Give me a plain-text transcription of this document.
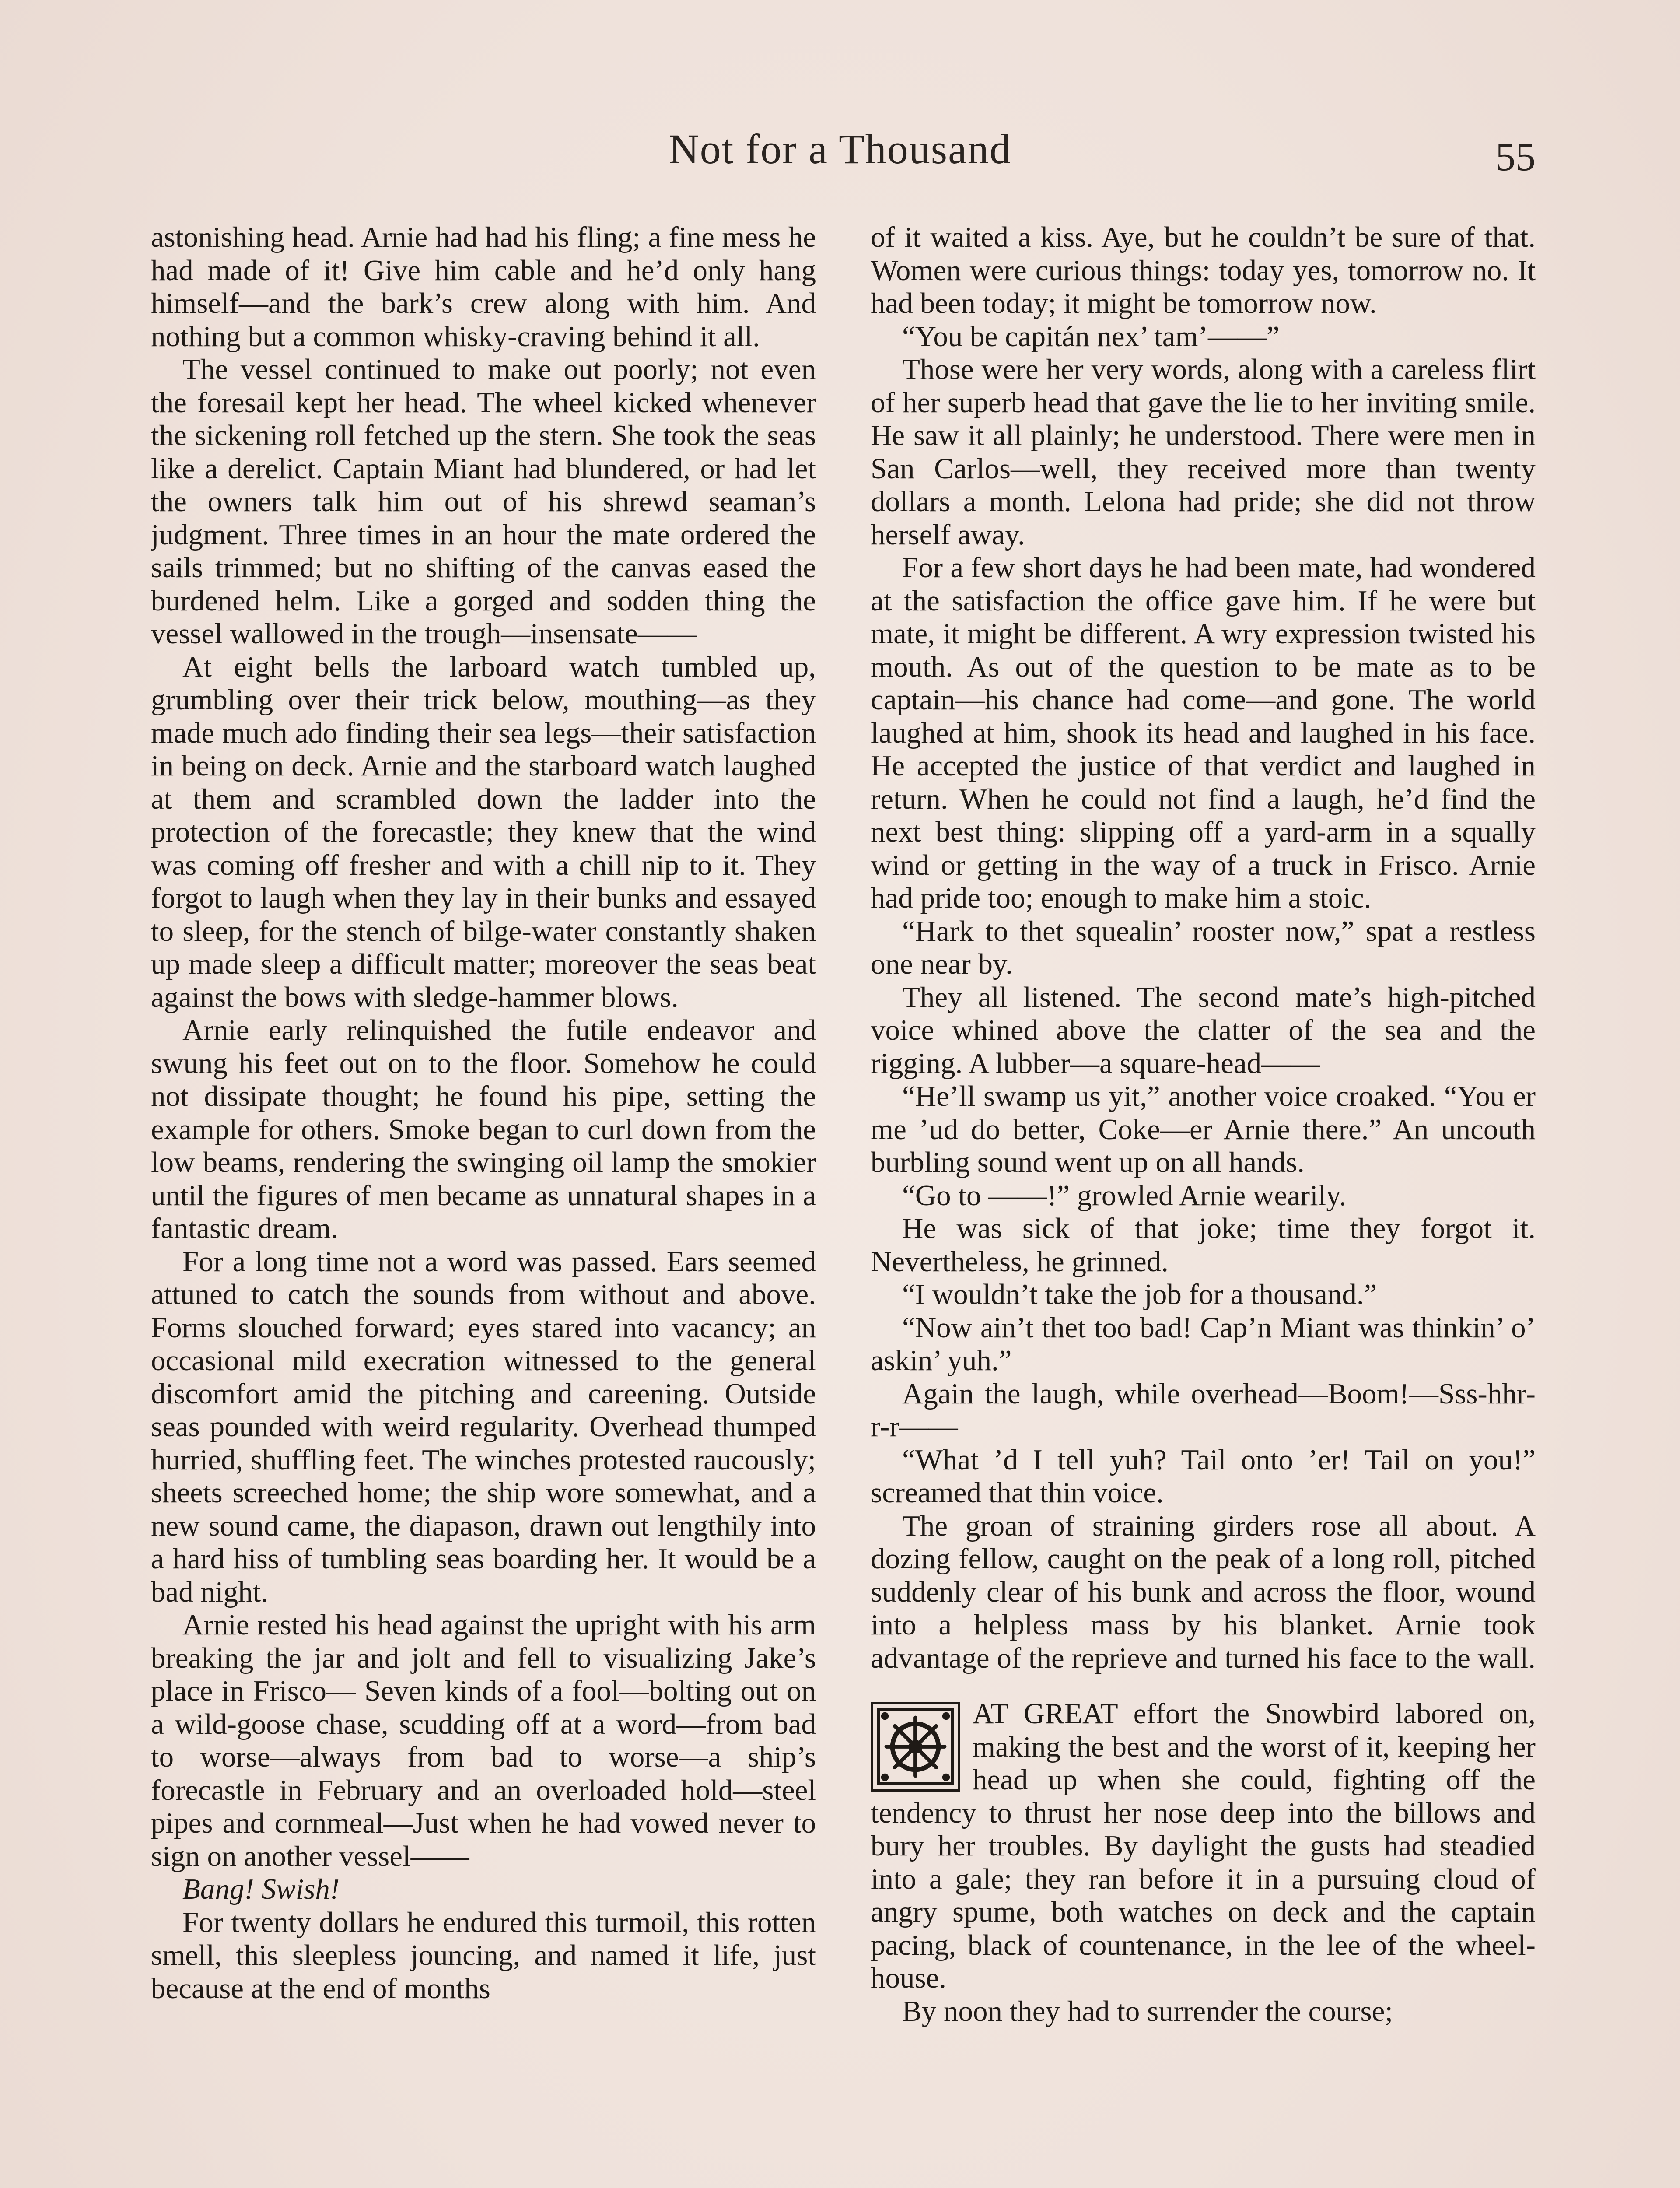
Not for a Thousand	55

astonishing head. Arnie had had his fling; a fine mess he had made of it! Give him cable and he’d only hang himself—and the bark’s crew along with him. And nothing but a common whisky-craving behind it all.

The vessel continued to make out poorly; not even the foresail kept her head. The wheel kicked whenever the sickening roll fetched up the stern. She took the seas like a derelict. Captain Miant had blundered, or had let the owners talk him out of his shrewd seaman’s judgment. Three times in an hour the mate ordered the sails trimmed; but no shifting of the canvas eased the burdened helm. Like a gorged and sodden thing the vessel wallowed in the trough—insensate——

At eight bells the larboard watch tumbled up, grumbling over their trick below, mouthing—as they made much ado finding their sea legs—their satisfaction in being on deck. Arnie and the starboard watch laughed at them and scrambled down the ladder into the protection of the forecastle; they knew that the wind was coming off fresher and with a chill nip to it. They forgot to laugh when they lay in their bunks and essayed to sleep, for the stench of bilge-water constantly shaken up made sleep a difficult matter; moreover the seas beat against the bows with sledge-hammer blows.

Arnie early relinquished the futile endeavor and swung his feet out on to the floor. Somehow he could not dissipate thought; he found his pipe, setting the example for others. Smoke began to curl down from the low beams, rendering the swinging oil lamp the smokier until the figures of men became as unnatural shapes in a fantastic dream.

For a long time not a word was passed. Ears seemed attuned to catch the sounds from without and above. Forms slouched forward; eyes stared into vacancy; an occasional mild execration witnessed to the general discomfort amid the pitching and careening. Outside seas pounded with weird regularity. Overhead thumped hurried, shuffling feet. The winches protested raucously; sheets screeched home; the ship wore somewhat, and a new sound came, the diapason, drawn out lengthily into a hard hiss of tumbling seas boarding her. It would be a bad night.

Arnie rested his head against the upright with his arm breaking the jar and jolt and fell to visualizing Jake’s place in Frisco— Seven kinds of a fool—bolting out on a wild-goose chase, scudding off at a word—from bad to worse—always from bad to worse—a ship’s forecastle in February and an overloaded hold—steel pipes and cornmeal—Just when he had vowed never to sign on another vessel——

Bang! Swish!

For twenty dollars he endured this turmoil, this rotten smell, this sleepless jouncing, and named it life, just because at the end of months

of it waited a kiss. Aye, but he couldn’t be sure of that. Women were curious things: today yes, tomorrow no. It had been today; it might be tomorrow now.

“You be capitán nex’ tam’——”

Those were her very words, along with a careless flirt of her superb head that gave the lie to her inviting smile. He saw it all plainly; he understood. There were men in San Carlos—well, they received more than twenty dollars a month. Lelona had pride; she did not throw herself away.

For a few short days he had been mate, had wondered at the satisfaction the office gave him. If he were but mate, it might be different. A wry expression twisted his mouth. As out of the question to be mate as to be captain—his chance had come—and gone. The world laughed at him, shook its head and laughed in his face. He accepted the justice of that verdict and laughed in return. When he could not find a laugh, he’d find the next best thing: slipping off a yard-arm in a squally wind or getting in the way of a truck in Frisco. Arnie had pride too; enough to make him a stoic.

“Hark to thet squealin’ rooster now,” spat a restless one near by.

They all listened. The second mate’s high-pitched voice whined above the clatter of the sea and the rigging. A lubber—a square-head——

“He’ll swamp us yit,” another voice croaked. “You er me ’ud do better, Coke—er Arnie there.” An uncouth burbling sound went up on all hands.

“Go to ——!” growled Arnie wearily.

He was sick of that joke; time they forgot it. Nevertheless, he grinned.

“I wouldn’t take the job for a thousand.”

“Now ain’t thet too bad! Cap’n Miant was thinkin’ o’ askin’ yuh.”

Again the laugh, while overhead—Boom!—Sss-hhr-r-r——

“What ’d I tell yuh? Tail onto ’er! Tail on you!” screamed that thin voice.

The groan of straining girders rose all about. A dozing fellow, caught on the peak of a long roll, pitched suddenly clear of his bunk and across the floor, wound into a helpless mass by his blanket. Arnie took advantage of the reprieve and turned his face to the wall.

AT GREAT effort the Snowbird labored on, making the best and the worst of it, keeping her head up when she could, fighting off the tendency to thrust her nose deep into the billows and bury her troubles. By daylight the gusts had steadied into a gale; they ran before it in a pursuing cloud of angry spume, both watches on deck and the captain pacing, black of countenance, in the lee of the wheel-house.

By noon they had to surrender the course;
